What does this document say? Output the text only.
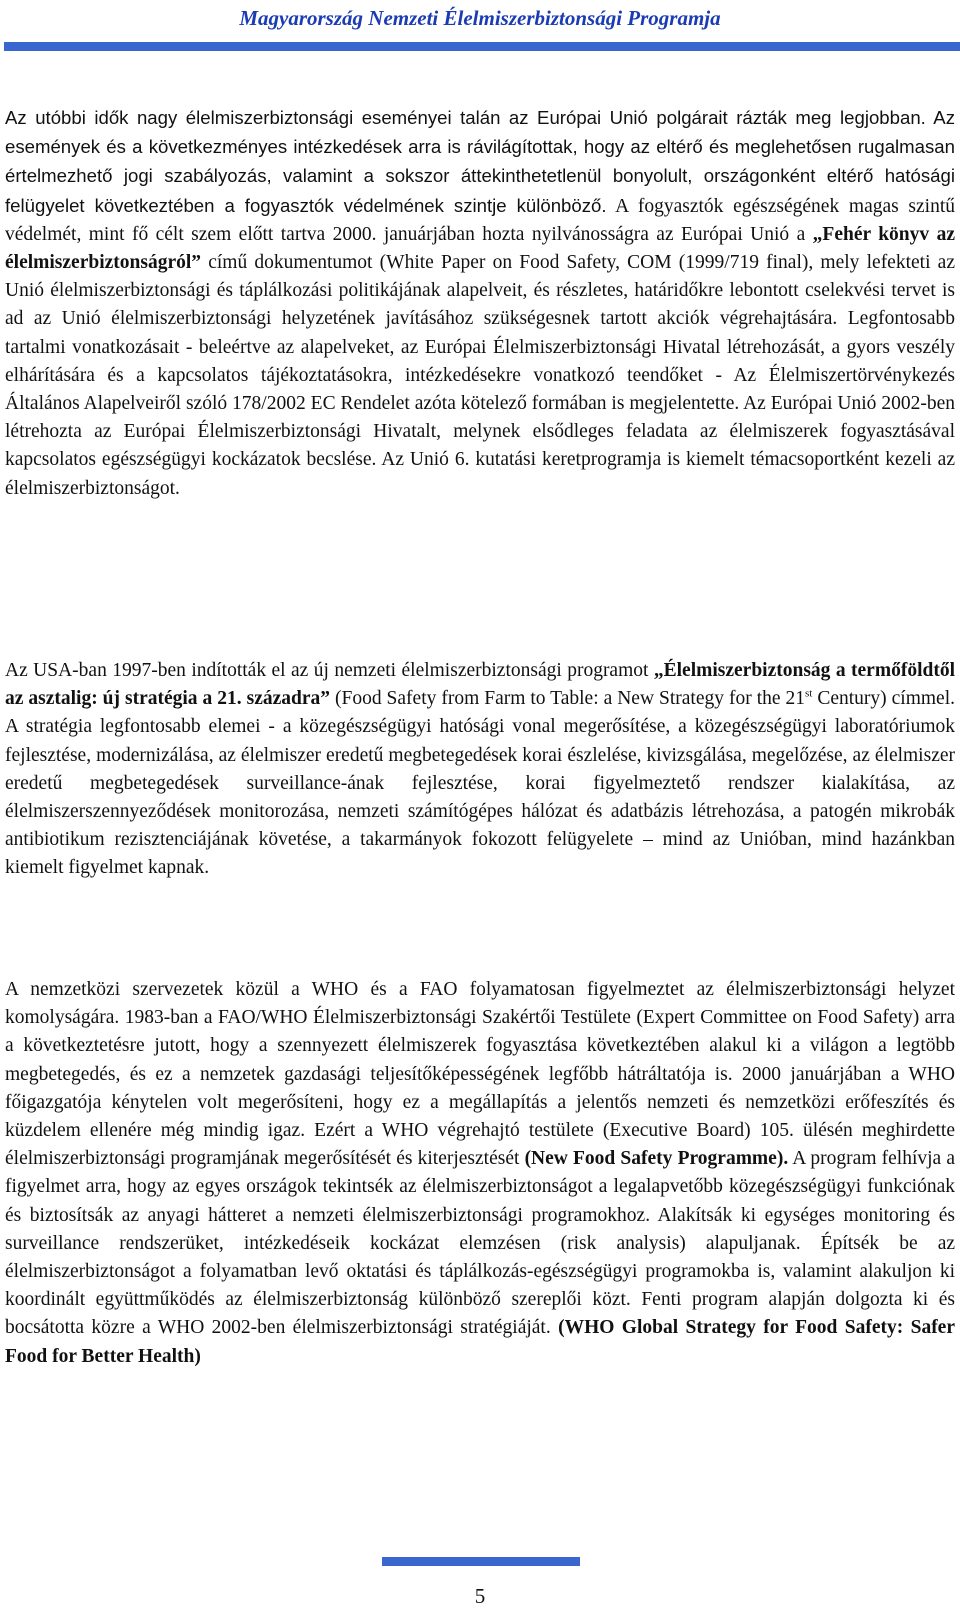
Magyarország Nemzeti Élelmiszerbiztonsági Programja

Az utóbbi idők nagy élelmiszerbiztonsági eseményei talán az Európai Unió polgárait rázták meg legjobban. Az események és a következményes intézkedések arra is rávilágítottak, hogy az eltérő és meglehetősen rugalmasan értelmezhető jogi szabályozás, valamint a sokszor áttekinthetetlenül bonyolult, országonként eltérő hatósági felügyelet következtében a fogyasztók védelmének szintje különböző. A fogyasztók egészségének magas szintű védelmét, mint fő célt szem előtt tartva 2000. januárjában hozta nyilvánosságra az Európai Unió a „Fehér könyv az élelmiszerbiztonságról” című dokumentumot (White Paper on Food Safety, COM (1999/719 final), mely lefekteti az Unió élelmiszerbiztonsági és táplálkozási politikájának alapelveit, és részletes, határidőkre lebontott cselekvési tervet is ad az Unió élelmiszerbiztonsági helyzetének javításához szükségesnek tartott akciók végrehajtására. Legfontosabb tartalmi vonatkozásait - beleértve az alapelveket, az Európai Élelmiszerbiztonsági Hivatal létrehozását, a gyors veszély elhárítására és a kapcsolatos tájékoztatásokra, intézkedésekre vonatkozó teendőket - Az Élelmiszertörvénykezés Általános Alapelveiről szóló 178/2002 EC Rendelet azóta kötelező formában is megjelentette. Az Európai Unió 2002-ben létrehozta az Európai Élelmiszerbiztonsági Hivatalt, melynek elsődleges feladata az élelmiszerek fogyasztásával kapcsolatos egészségügyi kockázatok becslése. Az Unió 6. kutatási keretprogramja is kiemelt témacsoportként kezeli az élelmiszerbiztonságot.

Az USA-ban 1997-ben indították el az új nemzeti élelmiszerbiztonsági programot „Élelmiszerbiztonság a termőföldtől az asztalig: új stratégia a 21. századra” (Food Safety from Farm to Table: a New Strategy for the 21st Century) címmel. A stratégia legfontosabb elemei - a közegészségügyi hatósági vonal megerősítése, a közegészségügyi laboratóriumok fejlesztése, modernizálása, az élelmiszer eredetű megbetegedések korai észlelése, kivizsgálása, megelőzése, az élelmiszer eredetű megbetegedések surveillance-ának fejlesztése, korai figyelmeztető rendszer kialakítása, az élelmiszerszennyeződések monitorozása, nemzeti számítógépes hálózat és adatbázis létrehozása, a patogén mikrobák antibiotikum rezisztenciájának követése, a takarmányok fokozott felügyelete – mind az Unióban, mind hazánkban kiemelt figyelmet kapnak.

A nemzetközi szervezetek közül a WHO és a FAO folyamatosan figyelmeztet az élelmiszerbiztonsági helyzet komolyságára. 1983-ban a FAO/WHO Élelmiszerbiztonsági Szakértői Testülete (Expert Committee on Food Safety) arra a következtetésre jutott, hogy a szennyezett élelmiszerek fogyasztása következtében alakul ki a világon a legtöbb megbetegedés, és ez a nemzetek gazdasági teljesítőképességének legfőbb hátráltatója is. 2000 januárjában a WHO főigazgatója kénytelen volt megerősíteni, hogy ez a megállapítás a jelentős nemzeti és nemzetközi erőfeszítés és küzdelem ellenére még mindig igaz. Ezért a WHO végrehajtó testülete (Executive Board) 105. ülésén meghirdette élelmiszerbiztonsági programjának megerősítését és kiterjesztését (New Food Safety Programme). A program felhívja a figyelmet arra, hogy az egyes országok tekintsék az élelmiszerbiztonságot a legalapvetőbb közegészségügyi funkciónak és biztosítsák az anyagi hátteret a nemzeti élelmiszerbiztonsági programokhoz. Alakítsák ki egységes monitoring és surveillance rendszerüket, intézkedéseik kockázat elemzésen (risk analysis) alapuljanak. Építsék be az élelmiszerbiztonságot a folyamatban levő oktatási és táplálkozás-egészségügyi programokba is, valamint alakuljon ki koordinált együttműködés az élelmiszerbiztonság különböző szereplői közt. Fenti program alapján dolgozta ki és bocsátotta közre a WHO 2002-ben élelmiszerbiztonsági stratégiáját. (WHO Global Strategy for Food Safety: Safer Food for Better Health)

5
